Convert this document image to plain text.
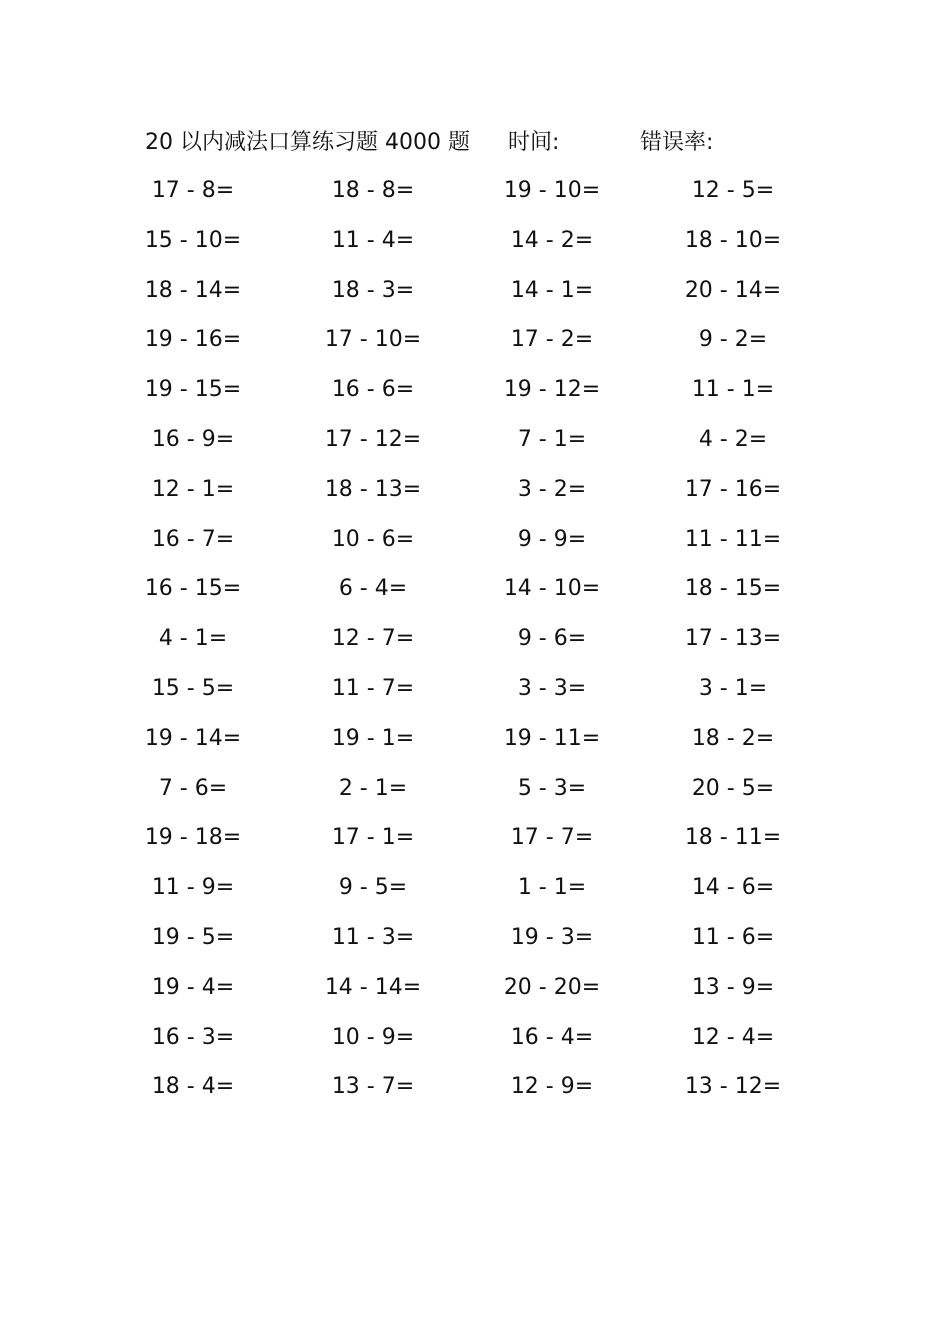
20 以内减法口算练习题 4000 题 时间:	错误率:
17 - 8=	18 - 8=	19 - 10=	12 - 5=
15 - 10=	11 - 4=	14 - 2=	18 - 10=
18 - 14=	18 - 3=	14 - 1=	20 - 14=
19 - 16=	17 - 10=	17 - 2=	9 - 2=
19 - 15=	16 - 6=	19 - 12=	11 - 1=
16 - 9=	17 - 12=	7 - 1=	4 - 2=
12 - 1=	18 - 13=	3 - 2=	17 - 16=
16 - 7=	10 - 6=	9 - 9=	11 - 11=
16 - 15=	6 - 4=	14 - 10=	18 - 15=
4 - 1=	12 - 7=	9 - 6=	17 - 13=
15 - 5=	11 - 7=	3 - 3=	3 - 1=
19 - 14=	19 - 1=	19 - 11=	18 - 2=
7 - 6=	2 - 1=	5 - 3=	20 - 5=
19 - 18=	17 - 1=	17 - 7=	18 - 11=
11 - 9=	9 - 5=	1 - 1=	14 - 6=
19 - 5=	11 - 3=	19 - 3=	11 - 6=
19 - 4=	14 - 14=	20 - 20=	13 - 9=
16 - 3=	10 - 9=	16 - 4=	12 - 4=
18 - 4=	13 - 7=	12 - 9=	13 - 12=
